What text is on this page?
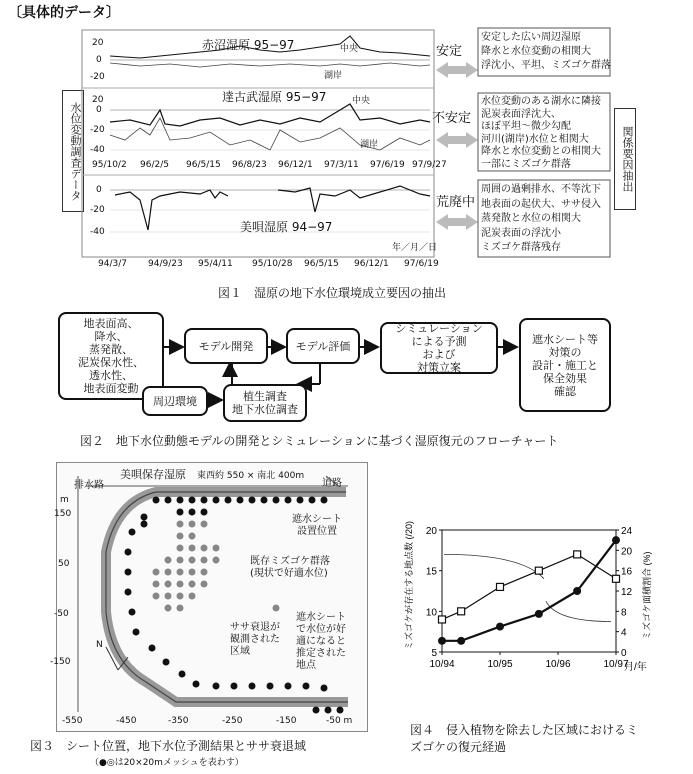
〔具体的データ〕
水位変動調査データ	関係要因抽出
赤沼湿原 95−97
達古武湿原 95−97
美唄湿原 94−97
中央
湖岸
中央
湖岸
年／月／日
20
0
-20
20
0
-20
-40
0
-20
-40
95/10/2 96/2/5 96/5/15 96/8/23 96/12/1 97/3/11 97/6/19 97/9/27
94/3/7 94/9/23 95/4/11 95/10/28 96/5/15 96/12/1 97/6/19
安定
不安定
荒廃中
安定した広い周辺湿原
降水と水位変動の相関大
浮沈小、平坦、ミズゴケ群落
水位変動のある湖水に隣接
泥炭表面浮沈大、
ほぼ平坦〜微少勾配
河川(湖岸)水位と相関大
降水と水位変動との相関大
一部にミズゴケ群落
周囲の過剰排水、不等沈下
地表面の起伏大、ササ侵入
蒸発散と水位の相関大
泥炭表面の浮沈小
ミズゴケ群落残存
図１　湿原の地下水位環境成立要因の抽出
地表面高、
降水、
蒸発散、
泥炭保水性、
透水性、
地表面変動
モデル開発	モデル評価
シミュレーション
による予測
および
対策立案
遮水シート等
対策の
設計・施工と
保全効果
確認
周辺環境	植生調査
地下水位調査
図２　地下水位動態モデルの開発とシミュレーションに基づく湿原復元のフローチャート
美唄保存湿原　 東西約 550 × 南北 400m
排水路	道路
m
150
50
-50
-150
-550	-450	-350	-250	-150	-50 m
N
遮水シート
設置位置
既存ミズゴケ群落
(現状で好適水位)
ササ衰退が
観測された
区域
遮水シート
で水位が好
適になると
推定された
地点
図３　シート位置，地下水位予測結果とササ衰退域
（●◎は20×20mメッシュを表わす）
5
10
15
20
0
4
8
12
16
20
24
10/94	10/95	10/96	10/97
月/年
ミズゴケが存在する地点数 (/20)	ミズゴケ面積割合 (%)
図４　侵入植物を除去した区域におけるミ
ズゴケの復元経過
